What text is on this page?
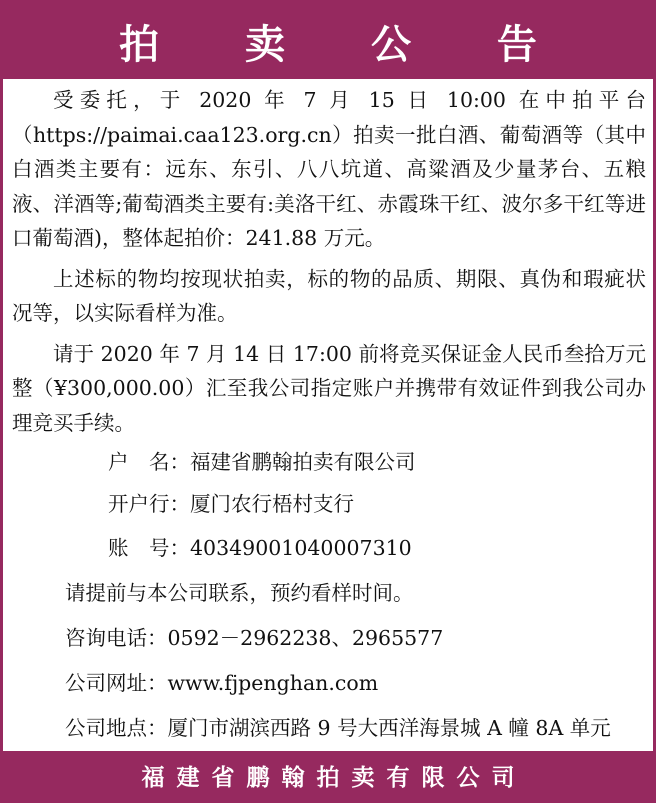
拍 卖 公 告

受委托，于 2020 年 7 月 15 日 10:00 在中拍平台（https://paimai.caa123.org.cn）拍卖一批白酒、葡萄酒等（其中白酒类主要有：远东、东引、八八坑道、高粱酒及少量茅台、五粮液、洋酒等;葡萄酒类主要有:美洛干红、赤霞珠干红、波尔多干红等进口葡萄酒)，整体起拍价：241.88 万元。

上述标的物均按现状拍卖，标的物的品质、期限、真伪和瑕疵状况等，以实际看样为准。

请于 2020 年 7 月 14 日 17:00 前将竞买保证金人民币叁拾万元整（¥300,000.00）汇至我公司指定账户并携带有效证件到我公司办理竞买手续。

户　名：福建省鹏翰拍卖有限公司
开户行：厦门农行梧村支行
账　号：40349001040007310
请提前与本公司联系，预约看样时间。
咨询电话：0592－2962238、2965577
公司网址：www.fjpenghan.com
公司地点：厦门市湖滨西路 9 号大西洋海景城 A 幢 8A 单元
福建省鹏翰拍卖有限公司
